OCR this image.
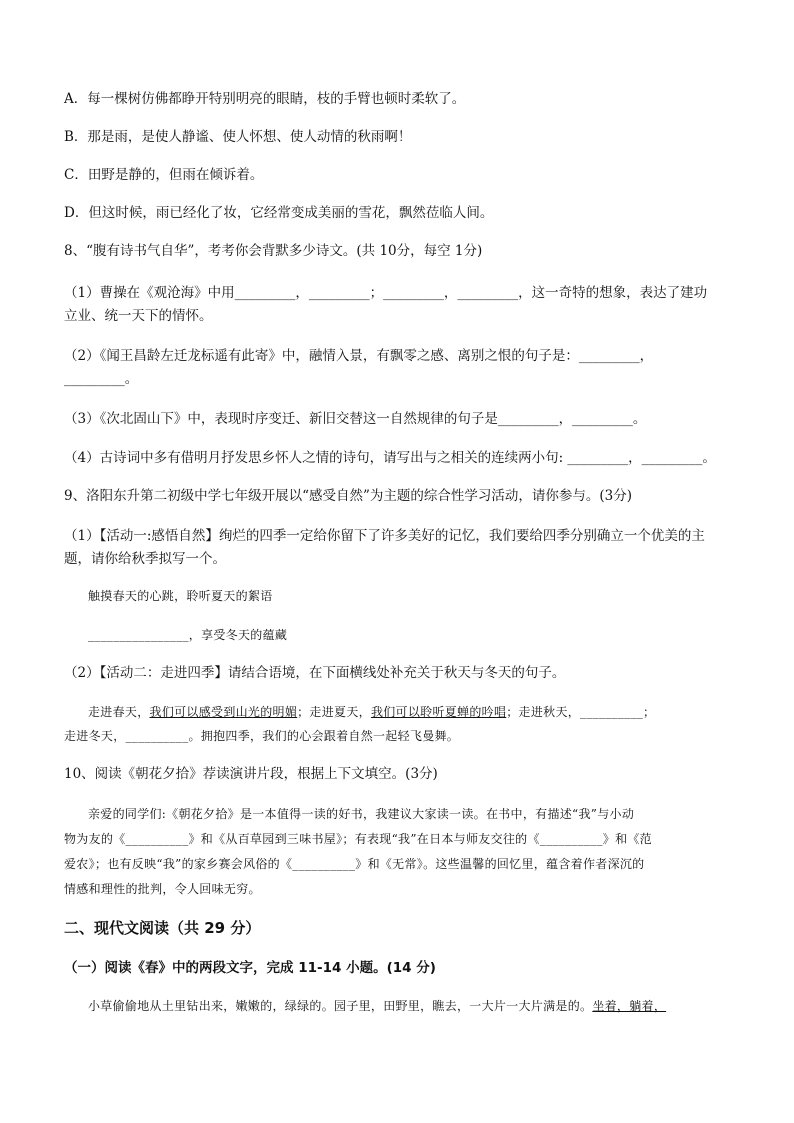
A．每一棵树仿佛都睁开特别明亮的眼睛，枝的手臂也顿时柔软了。
B．那是雨，是使人静谧、使人怀想、使人动情的秋雨啊！
C．田野是静的，但雨在倾诉着。
D．但这时候，雨已经化了妆，它经常变成美丽的雪花，飘然莅临人间。
8、“腹有诗书气自华”，考考你会背默多少诗文。(共 10分，每空 1分)
（1）曹操在《观沧海》中用_________，_________；_________，_________，这一奇特的想象，表达了建功
立业、统一天下的情怀。
（2）《闻王昌龄左迁龙标遥有此寄》中，融情入景，有飘零之感、离别之恨的句子是：_________，
_________。
（3）《次北固山下》中，表现时序变迁、新旧交替这一自然规律的句子是_________，_________。
（4）古诗词中多有借明月抒发思乡怀人之情的诗句，请写出与之相关的连续两小句: _________，_________。
9、洛阳东升第二初级中学七年级开展以“感受自然”为主题的综合性学习活动，请你参与。(3分)
（1）【活动一:感悟自然】绚烂的四季一定给你留下了许多美好的记忆，我们要给四季分别确立一个优美的主
题，请你给秋季拟写一个。
触摸春天的心跳，聆听夏天的絮语
________________，享受冬天的蕴藏
（2）【活动二：走进四季】请结合语境，在下面横线处补充关于秋天与冬天的句子。
走进春天，我们可以感受到山光的明媚；走进夏天，我们可以聆听夏蝉的吟唱；走进秋天，__________；
走进冬天，__________。拥抱四季，我们的心会跟着自然一起轻飞曼舞。
10、阅读《朝花夕拾》荐读演讲片段，根据上下文填空。(3分)
亲爱的同学们:《朝花夕拾》是一本值得一读的好书，我建议大家读一读。在书中，有描述“我”与小动
物为友的《__________》和《从百草园到三味书屋》；有表现“我”在日本与师友交往的《__________》和《范
爱农》；也有反映“我”的家乡赛会风俗的《__________》和《无常》。这些温馨的回忆里，蕴含着作者深沉的
情感和理性的批判，令人回味无穷。
二、现代文阅读（共 29 分）
（一）阅读《春》中的两段文字，完成 11-14 小题。(14 分)
小草偷偷地从土里钻出来，嫩嫩的，绿绿的。园子里，田野里，瞧去，一大片一大片满是的。坐着，躺着，
